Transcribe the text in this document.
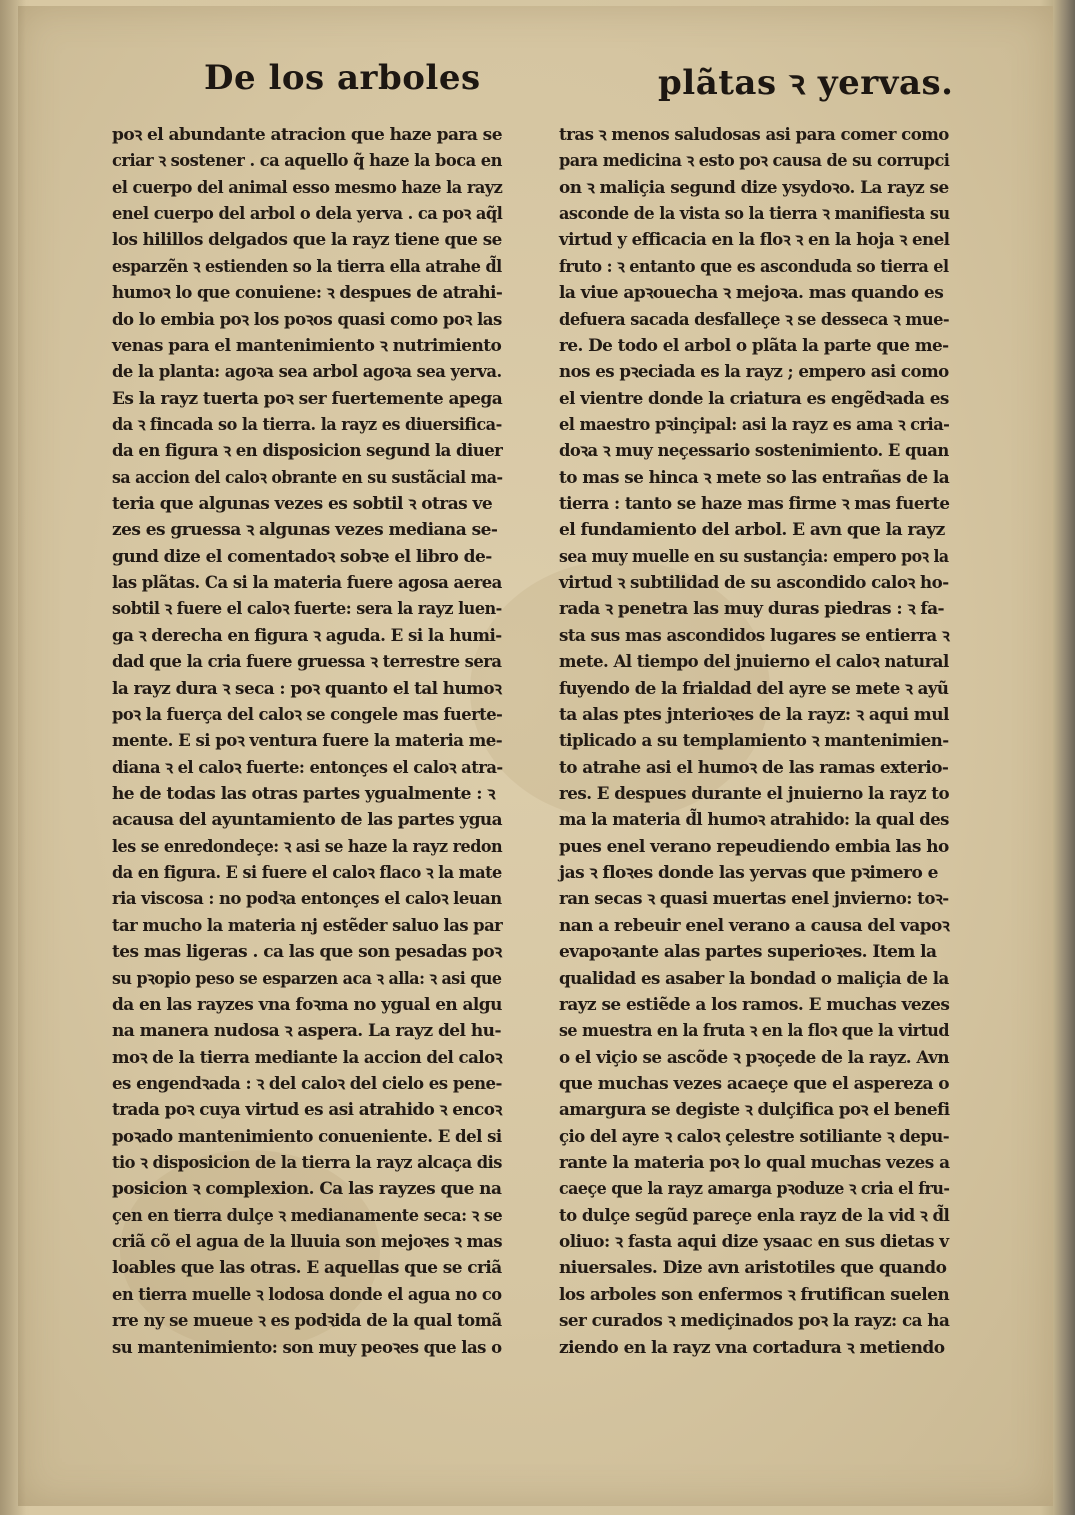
De los arboles	plãtas ꝛ yervas.
poꝛ el abundante atracion que haze para se
criar ꝛ sostener . ca aquello q̃ haze la boca en
el cuerpo del animal esso mesmo haze la rayz
enel cuerpo del arbol o dela yerva . ca poꝛ aq̃l
los hilillos delgados que la rayz tiene que se
esparzẽn ꝛ estienden so la tierra ella atrahe d̃l
humoꝛ lo que conuiene: ꝛ despues de atrahi-
do lo embia poꝛ los poꝛos quasi como poꝛ las
venas para el mantenimiento ꝛ nutrimiento
de la planta: agoꝛa sea arbol agoꝛa sea yerva.
Es la rayz tuerta poꝛ ser fuertemente apega
da ꝛ fincada so la tierra. la rayz es diuersifica-
da en figura ꝛ en disposicion segund la diuer
sa accion del caloꝛ obrante en su sustãcial ma-
teria que algunas vezes es sobtil ꝛ otras ve
zes es gruessa ꝛ algunas vezes mediana se-
gund dize el comentadoꝛ sobꝛe el libro de-
las plãtas. Ca si la materia fuere agosa aerea
sobtil ꝛ fuere el caloꝛ fuerte: sera la rayz luen-
ga ꝛ derecha en figura ꝛ aguda. E si la humi-
dad que la cria fuere gruessa ꝛ terrestre sera
la rayz dura ꝛ seca : poꝛ quanto el tal humoꝛ
poꝛ la fuerça del caloꝛ se congele mas fuerte-
mente. E si poꝛ ventura fuere la materia me-
diana ꝛ el caloꝛ fuerte: entonçes el caloꝛ atra-
he de todas las otras partes ygualmente : ꝛ
acausa del ayuntamiento de las partes ygua
les se enredondeçe: ꝛ asi se haze la rayz redon
da en figura. E si fuere el caloꝛ flaco ꝛ la mate
ria viscosa : no podꝛa entonçes el caloꝛ leuan
tar mucho la materia nj estẽder saluo las par
tes mas ligeras . ca las que son pesadas poꝛ
su pꝛopio peso se esparzen aca ꝛ alla: ꝛ asi que
da en las rayzes vna foꝛma no ygual en algu
na manera nudosa ꝛ aspera. La rayz del hu-
moꝛ de la tierra mediante la accion del caloꝛ
es engendꝛada : ꝛ del caloꝛ del cielo es pene-
trada poꝛ cuya virtud es asi atrahido ꝛ encoꝛ
poꝛado mantenimiento conueniente. E del si
tio ꝛ disposicion de la tierra la rayz alcaça dis
posicion ꝛ complexion. Ca las rayzes que na
çen en tierra dulçe ꝛ medianamente seca: ꝛ se
criã cõ el agua de la lluuia son mejoꝛes ꝛ mas
loables que las otras. E aquellas que se criã
en tierra muelle ꝛ lodosa donde el agua no co
rre ny se mueue ꝛ es podꝛida de la qual tomã
su mantenimiento: son muy peoꝛes que las o
tras ꝛ menos saludosas asi para comer como
para medicina ꝛ esto poꝛ causa de su corrupci
on ꝛ maliçia segund dize ysydoꝛo. La rayz se
asconde de la vista so la tierra ꝛ manifiesta su
virtud y efficacia en la floꝛ ꝛ en la hoja ꝛ enel
fruto : ꝛ entanto que es asconduda so tierra el
la viue apꝛouecha ꝛ mejoꝛa. mas quando es
defuera sacada desfalleçe ꝛ se desseca ꝛ mue-
re. De todo el arbol o plãta la parte que me-
nos es pꝛeciada es la rayz ; empero asi como
el vientre donde la criatura es engẽdꝛada es
el maestro pꝛinçipal: asi la rayz es ama ꝛ cria-
doꝛa ꝛ muy neçessario sostenimiento. E quan
to mas se hinca ꝛ mete so las entrañas de la
tierra : tanto se haze mas firme ꝛ mas fuerte
el fundamiento del arbol. E avn que la rayz
sea muy muelle en su sustançia: empero poꝛ la
virtud ꝛ subtilidad de su ascondido caloꝛ ho-
rada ꝛ penetra las muy duras piedras : ꝛ fa-
sta sus mas ascondidos lugares se entierra ꝛ
mete. Al tiempo del jnuierno el caloꝛ natural
fuyendo de la frialdad del ayre se mete ꝛ ayũ
ta alas ptes jnterioꝛes de la rayz: ꝛ aqui mul
tiplicado a su templamiento ꝛ mantenimien-
to atrahe asi el humoꝛ de las ramas exterio-
res. E despues durante el jnuierno la rayz to
ma la materia d̃l humoꝛ atrahido: la qual des
pues enel verano repeudiendo embia las ho
jas ꝛ floꝛes donde las yervas que pꝛimero e
ran secas ꝛ quasi muertas enel jnvierno: toꝛ-
nan a rebeuir enel verano a causa del vapoꝛ
evapoꝛante alas partes superioꝛes. Item la
qualidad es asaber la bondad o maliçia de la
rayz se estiẽde a los ramos. E muchas vezes
se muestra en la fruta ꝛ en la floꝛ que la virtud
o el viçio se ascõde ꝛ pꝛoçede de la rayz. Avn
que muchas vezes acaeçe que el aspereza o
amargura se degiste ꝛ dulçifica poꝛ el benefi
çio del ayre ꝛ caloꝛ çelestre sotiliante ꝛ depu-
rante la materia poꝛ lo qual muchas vezes a
caeçe que la rayz amarga pꝛoduze ꝛ cria el fru-
to dulçe segũd pareçe enla rayz de la vid ꝛ d̃l
oliuo: ꝛ fasta aqui dize ysaac en sus dietas v
niuersales. Dize avn aristotiles que quando
los arboles son enfermos ꝛ frutifican suelen
ser curados ꝛ mediçinados poꝛ la rayz: ca ha
ziendo en la rayz vna cortadura ꝛ metiendo
